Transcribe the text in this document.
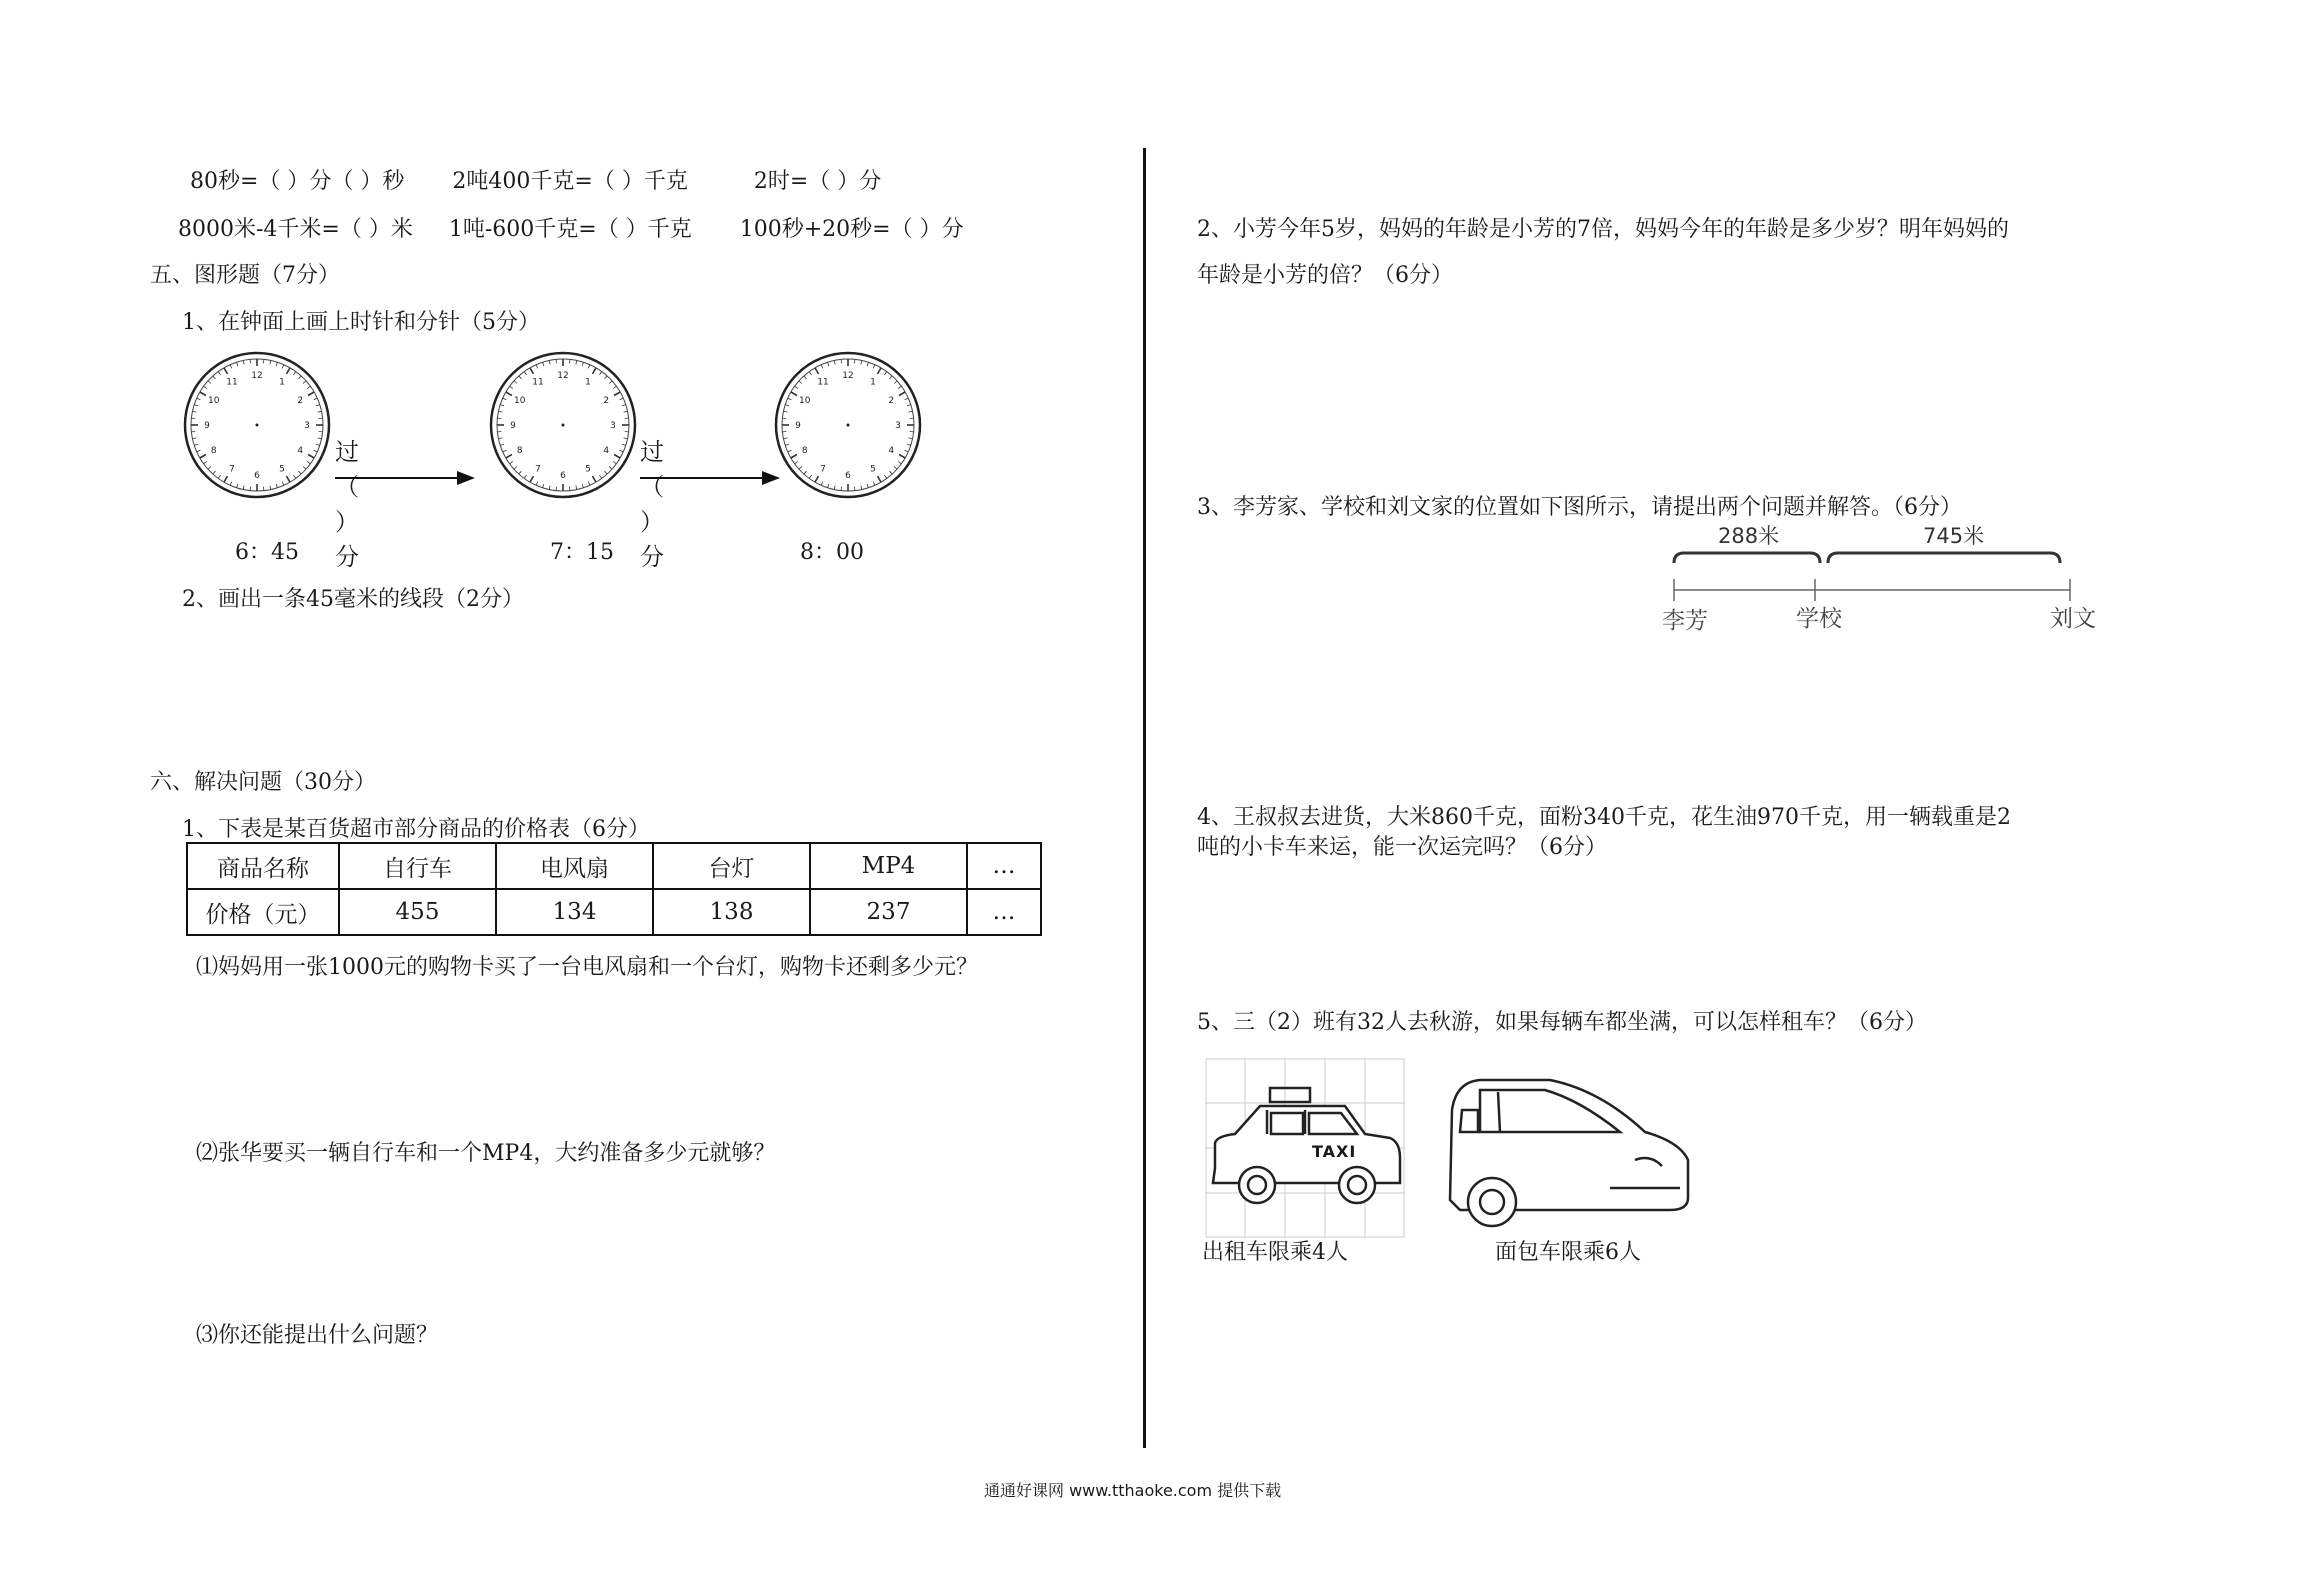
80秒=（ ）分（ ）秒 2吨400千克=（ ）千克	2时=（ ）分
8000米-4千米=（ ）米 1吨-600千克=（ ）千克 100秒+20秒=（ ）分
五、图形题（7分）
1、在钟面上画上时针和分针（5分）
1
2
3
4
5
6
7
8
9
10
11
12
1
2
3
4
5
6
7
8
9
10
11
12
1
2
3
4
5
6
7
8
9
10
11
12
过（ ）分
过（ ）分
6：45	7：15	8：00
2、画出一条45毫米的线段（2分）
六、解决问题（30分）
1、下表是某百货超市部分商品的价格表（6分）
商品名称	自行车	电风扇	台灯	MP4	…
价格（元）	455	134	138	237	…
⑴妈妈用一张1000元的购物卡买了一台电风扇和一个台灯，购物卡还剩多少元？
⑵张华要买一辆自行车和一个MP4，大约准备多少元就够？
⑶你还能提出什么问题？
2、小芳今年5岁，妈妈的年龄是小芳的7倍，妈妈今年的年龄是多少岁？明年妈妈的
年龄是小芳的倍？（6分）
3、李芳家、学校和刘文家的位置如下图所示，请提出两个问题并解答。（6分）
288米	745米
李芳	学校	刘文
4、王叔叔去进货，大米860千克，面粉340千克，花生油970千克，用一辆载重是2
吨的小卡车来运，能一次运完吗？（6分）
5、三（2）班有32人去秋游，如果每辆车都坐满，可以怎样租车？（6分）
TAXI
出租车限乘4人	面包车限乘6人
通通好课网 www.tthaoke.com 提供下载
